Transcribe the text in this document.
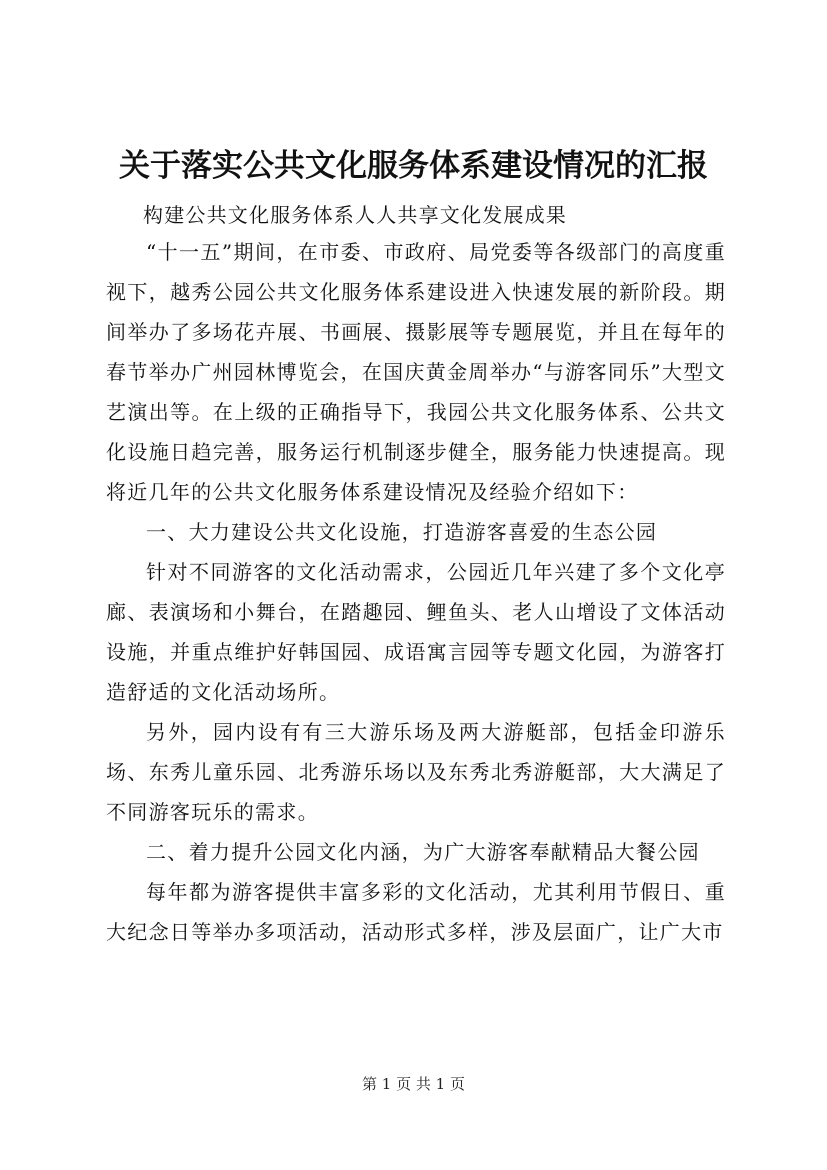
关于落实公共文化服务体系建设情况的汇报

构建公共文化服务体系人人共享文化发展成果

“十一五”期间，在市委、市政府、局党委等各级部门的高度重视下，越秀公园公共文化服务体系建设进入快速发展的新阶段。期间举办了多场花卉展、书画展、摄影展等专题展览，并且在每年的春节举办广州园林博览会，在国庆黄金周举办“与游客同乐”大型文艺演出等。在上级的正确指导下，我园公共文化服务体系、公共文化设施日趋完善，服务运行机制逐步健全，服务能力快速提高。现将近几年的公共文化服务体系建设情况及经验介绍如下：

一、大力建设公共文化设施，打造游客喜爱的生态公园

针对不同游客的文化活动需求，公园近几年兴建了多个文化亭廊、表演场和小舞台，在踏趣园、鲤鱼头、老人山增设了文体活动设施，并重点维护好韩国园、成语寓言园等专题文化园，为游客打造舒适的文化活动场所。

另外，园内设有有三大游乐场及两大游艇部，包括金印游乐场、东秀儿童乐园、北秀游乐场以及东秀北秀游艇部，大大满足了不同游客玩乐的需求。

二、着力提升公园文化内涵，为广大游客奉献精品大餐公园

每年都为游客提供丰富多彩的文化活动，尤其利用节假日、重大纪念日等举办多项活动，活动形式多样，涉及层面广，让广大市

第 1 页 共 1 页
